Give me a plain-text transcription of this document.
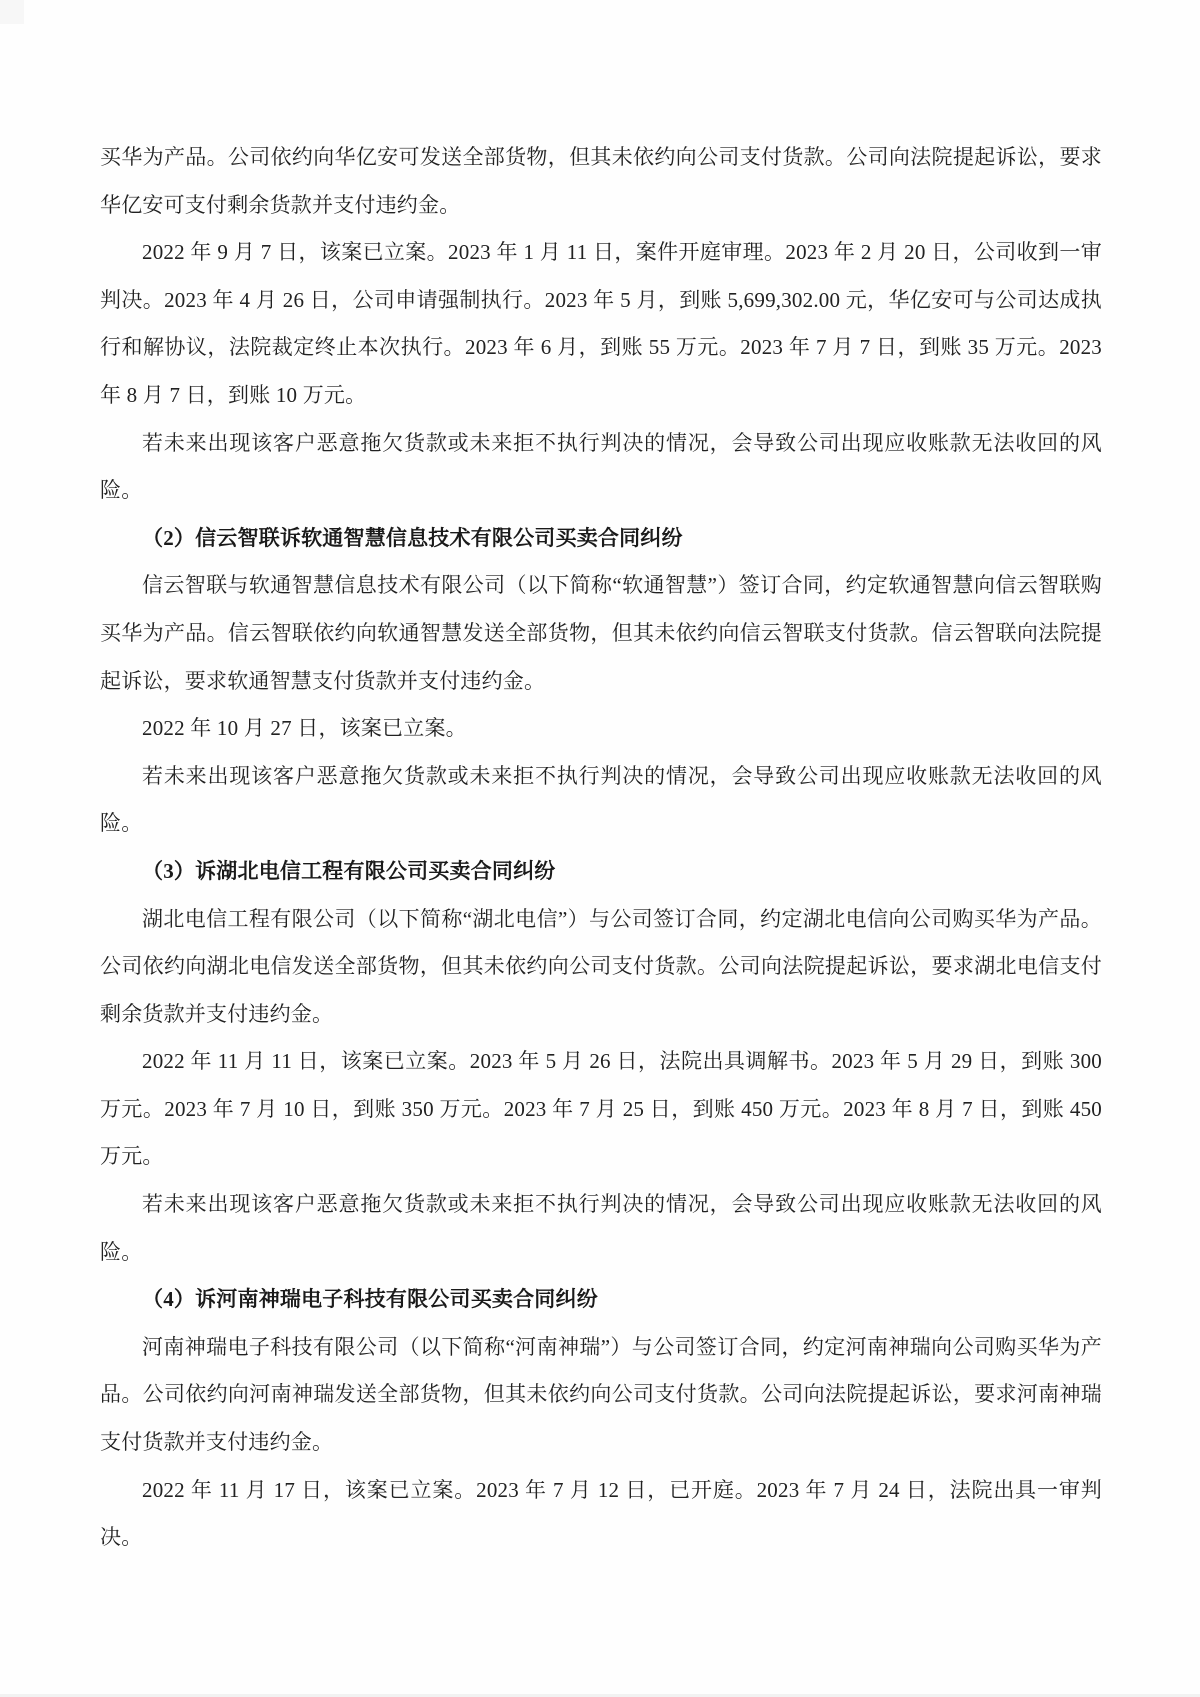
买华为产品。公司依约向华亿安可发送全部货物，但其未依约向公司支付货款。公司向法院提起诉讼，要求华亿安可支付剩余货款并支付违约金。

2022 年 9 月 7 日，该案已立案。2023 年 1 月 11 日，案件开庭审理。2023 年 2 月 20 日，公司收到一审判决。2023 年 4 月 26 日，公司申请强制执行。2023 年 5 月，到账 5,699,302.00 元，华亿安可与公司达成执行和解协议，法院裁定终止本次执行。2023 年 6 月，到账 55 万元。2023 年 7 月 7 日，到账 35 万元。2023 年 8 月 7 日，到账 10 万元。

若未来出现该客户恶意拖欠货款或未来拒不执行判决的情况，会导致公司出现应收账款无法收回的风险。

（2）信云智联诉软通智慧信息技术有限公司买卖合同纠纷

信云智联与软通智慧信息技术有限公司（以下简称“软通智慧”）签订合同，约定软通智慧向信云智联购买华为产品。信云智联依约向软通智慧发送全部货物，但其未依约向信云智联支付货款。信云智联向法院提起诉讼，要求软通智慧支付货款并支付违约金。

2022 年 10 月 27 日，该案已立案。

若未来出现该客户恶意拖欠货款或未来拒不执行判决的情况，会导致公司出现应收账款无法收回的风险。

（3）诉湖北电信工程有限公司买卖合同纠纷

湖北电信工程有限公司（以下简称“湖北电信”）与公司签订合同，约定湖北电信向公司购买华为产品。公司依约向湖北电信发送全部货物，但其未依约向公司支付货款。公司向法院提起诉讼，要求湖北电信支付剩余货款并支付违约金。

2022 年 11 月 11 日，该案已立案。2023 年 5 月 26 日，法院出具调解书。2023 年 5 月 29 日，到账 300 万元。2023 年 7 月 10 日，到账 350 万元。2023 年 7 月 25 日，到账 450 万元。2023 年 8 月 7 日，到账 450 万元。

若未来出现该客户恶意拖欠货款或未来拒不执行判决的情况，会导致公司出现应收账款无法收回的风险。

（4）诉河南神瑞电子科技有限公司买卖合同纠纷

河南神瑞电子科技有限公司（以下简称“河南神瑞”）与公司签订合同，约定河南神瑞向公司购买华为产品。公司依约向河南神瑞发送全部货物，但其未依约向公司支付货款。公司向法院提起诉讼，要求河南神瑞支付货款并支付违约金。

2022 年 11 月 17 日，该案已立案。2023 年 7 月 12 日，已开庭。2023 年 7 月 24 日，法院出具一审判决。
